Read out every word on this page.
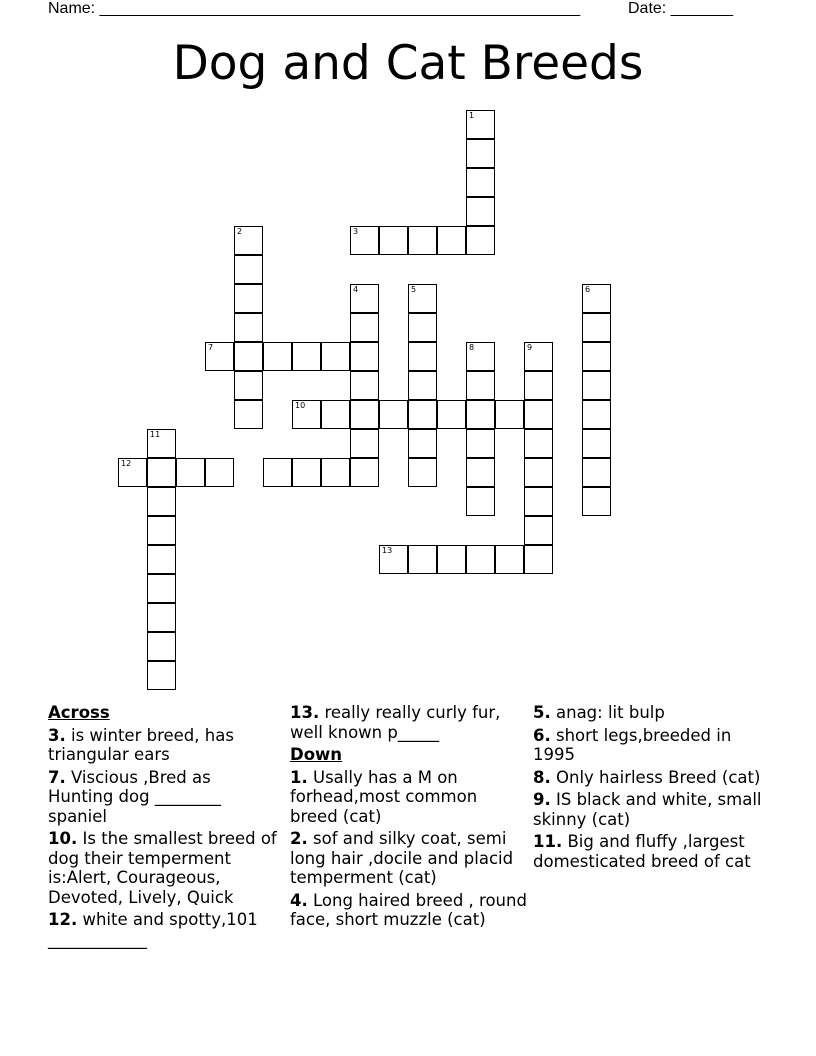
Name: ______________________________________________________	Date: _______
Dog and Cat Breeds
1
2	3
4	5	6
7	8	9
10
11
12
13
Across
3. is winter breed, has triangular ears
7. Viscious ,Bred as Hunting dog ________ spaniel
10. Is the smallest breed of dog their temperment is:Alert, Courageous, Devoted, Lively, Quick
12. white and spotty,101 ____________
13. really really curly fur, well known p_____
Down
1. Usally has a M on forhead,most common breed (cat)
2. sof and silky coat, semi long hair ,docile and placid temperment (cat)
4. Long haired breed , round face, short muzzle (cat)
5. anag: lit bulp
6. short legs,breeded in 1995
8. Only hairless Breed (cat)
9. IS black and white, small skinny (cat)
11. Big and fluffy ,largest domesticated breed of cat
